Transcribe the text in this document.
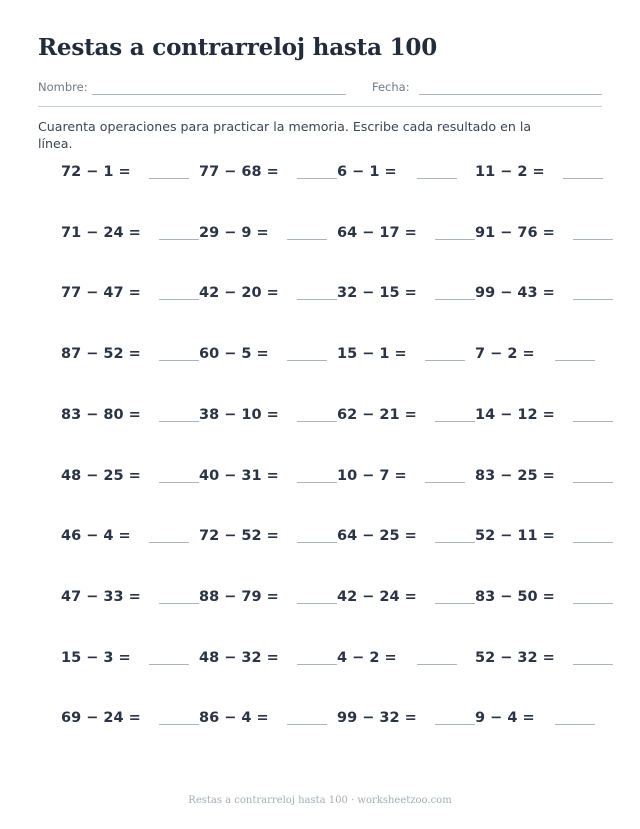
Restas a contrarreloj hasta 100
Nombre:	Fecha:

Cuarenta operaciones para practicar la memoria. Escribe cada resultado en la línea.

72 − 1 =	77 − 68 =	6 − 1 =	11 − 2 =
71 − 24 =	29 − 9 =	64 − 17 =	91 − 76 =
77 − 47 =	42 − 20 =	32 − 15 =	99 − 43 =
87 − 52 =	60 − 5 =	15 − 1 =	7 − 2 =
83 − 80 =	38 − 10 =	62 − 21 =	14 − 12 =
48 − 25 =	40 − 31 =	10 − 7 =	83 − 25 =
46 − 4 =	72 − 52 =	64 − 25 =	52 − 11 =
47 − 33 =	88 − 79 =	42 − 24 =	83 − 50 =
15 − 3 =	48 − 32 =	4 − 2 =	52 − 32 =
69 − 24 =	86 − 4 =	99 − 32 =	9 − 4 =
Restas a contrarreloj hasta 100 · worksheetzoo.com
